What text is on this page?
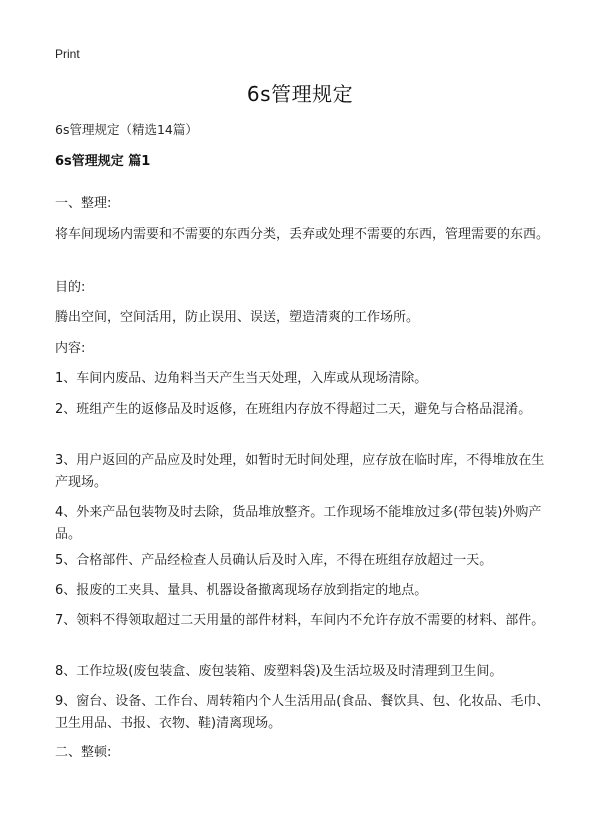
Print
6s管理规定
6s管理规定（精选14篇）
6s管理规定 篇1

一、整理:

将车间现场内需要和不需要的东西分类，丢弃或处理不需要的东西，管理需要的东西。

目的:

腾出空间，空间活用，防止误用、误送，塑造清爽的工作场所。

内容:

1、车间内废品、边角料当天产生当天处理，入库或从现场清除。

2、班组产生的返修品及时返修，在班组内存放不得超过二天，避免与合格品混淆。

3、用户返回的产品应及时处理，如暂时无时间处理，应存放在临时库，不得堆放在生产现场。

4、外来产品包装物及时去除，货品堆放整齐。工作现场不能堆放过多(带包装)外购产品。

5、合格部件、产品经检查人员确认后及时入库，不得在班组存放超过一天。

6、报废的工夹具、量具、机器设备撤离现场存放到指定的地点。

7、领料不得领取超过二天用量的部件材料，车间内不允许存放不需要的材料、部件。

8、工作垃圾(废包装盒、废包装箱、废塑料袋)及生活垃圾及时清理到卫生间。

9、窗台、设备、工作台、周转箱内个人生活用品(食品、餐饮具、包、化妆品、毛巾、卫生用品、书报、衣物、鞋)清离现场。

二、整顿:
